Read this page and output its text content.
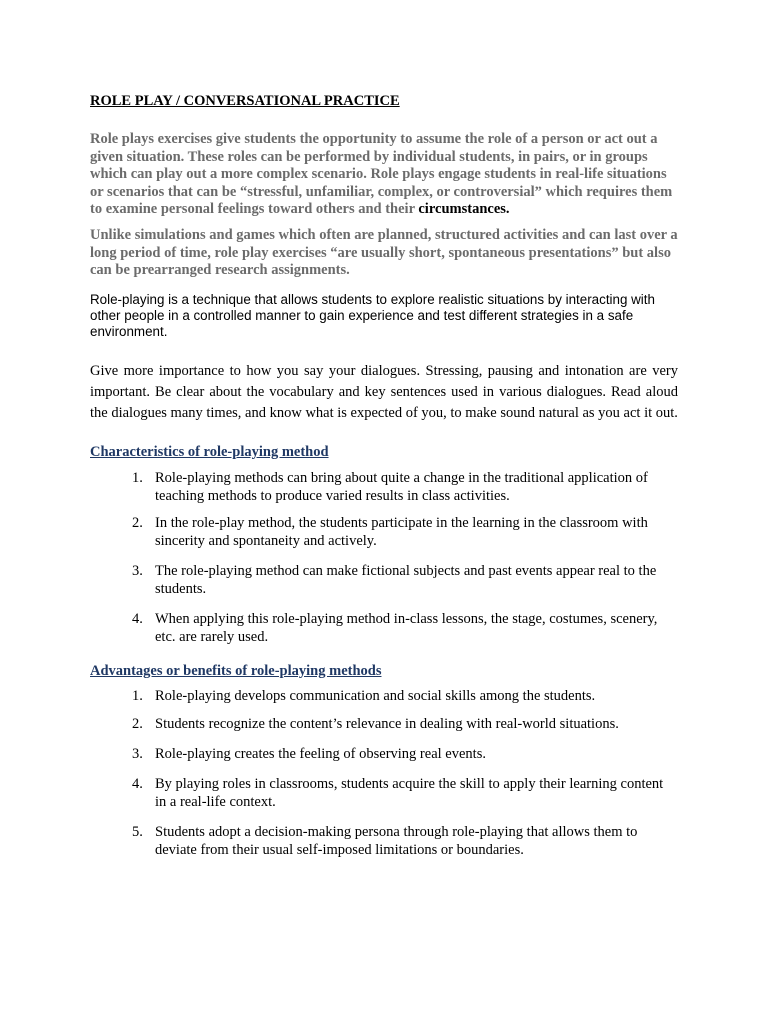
ROLE PLAY / CONVERSATIONAL PRACTICE

Role plays exercises give students the opportunity to assume the role of a person or act out a given situation. These roles can be performed by individual students, in pairs, or in groups which can play out a more complex scenario. Role plays engage students in real-life situations or scenarios that can be “stressful, unfamiliar, complex, or controversial” which requires them to examine personal feelings toward others and their circumstances.

Unlike simulations and games which often are planned, structured activities and can last over a long period of time, role play exercises “are usually short, spontaneous presentations” but also can be prearranged research assignments.

Role-playing is a technique that allows students to explore realistic situations by interacting with other people in a controlled manner to gain experience and test different strategies in a safe environment.

Give more importance to how you say your dialogues. Stressing, pausing and intonation are very important. Be clear about the vocabulary and key sentences used in various dialogues. Read aloud the dialogues many times, and know what is expected of you, to make sound natural as you act it out.

Characteristics of role-playing method
1. Role-playing methods can bring about quite a change in the traditional application of teaching methods to produce varied results in class activities.
2. In the role-play method, the students participate in the learning in the classroom with sincerity and spontaneity and actively.
3. The role-playing method can make fictional subjects and past events appear real to the students.
4. When applying this role-playing method in-class lessons, the stage, costumes, scenery, etc. are rarely used.
Advantages or benefits of role-playing methods
1. Role-playing develops communication and social skills among the students.
2. Students recognize the content’s relevance in dealing with real-world situations.
3. Role-playing creates the feeling of observing real events.
4. By playing roles in classrooms, students acquire the skill to apply their learning content in a real-life context.
5. Students adopt a decision-making persona through role-playing that allows them to deviate from their usual self-imposed limitations or boundaries.
